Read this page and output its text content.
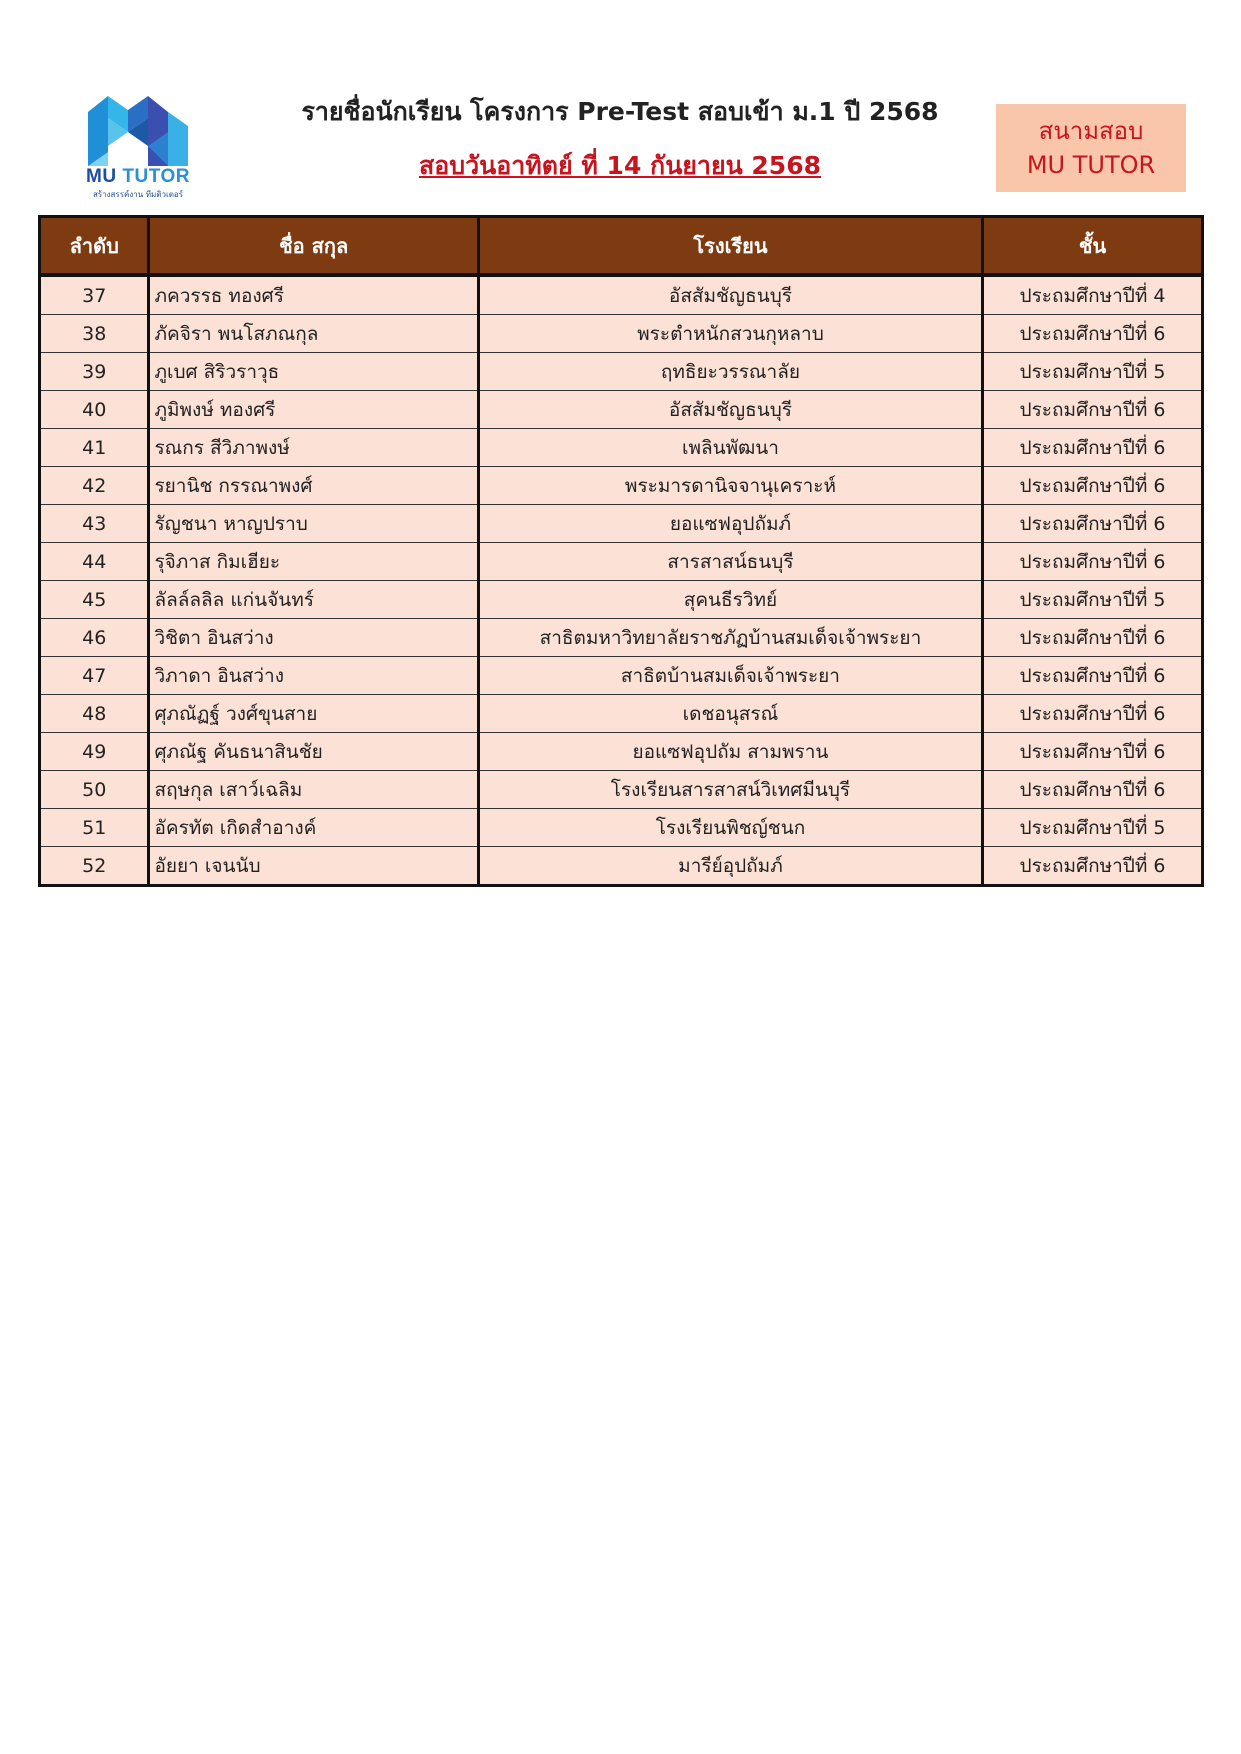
MU TUTOR
สร้างสรรค์งาน ทีมติวเตอร์
รายชื่อนักเรียน โครงการ Pre-Test สอบเข้า ม.1 ปี 2568
สอบวันอาทิตย์ ที่ 14 กันยายน 2568
สนามสอบ
MU TUTOR
ลำดับ	ชื่อ สกุล	โรงเรียน	ชั้น
37	ภควรรธ ทองศรี	อัสสัมชัญธนบุรี	ประถมศึกษาปีที่ 4
38	ภัคจิรา พนโสภณกุล	พระตำหนักสวนกุหลาบ	ประถมศึกษาปีที่ 6
39	ภูเบศ สิริวราวุธ	ฤทธิยะวรรณาลัย	ประถมศึกษาปีที่ 5
40	ภูมิพงษ์ ทองศรี	อัสสัมชัญธนบุรี	ประถมศึกษาปีที่ 6
41	รณกร สีวิภาพงษ์	เพลินพัฒนา	ประถมศึกษาปีที่ 6
42	รยานิช กรรณาพงศ์	พระมารดานิจจานุเคราะห์	ประถมศึกษาปีที่ 6
43	รัญชนา หาญปราบ	ยอแซฟอุปถัมภ์	ประถมศึกษาปีที่ 6
44	รุจิภาส กิมเฮียะ	สารสาสน์ธนบุรี	ประถมศึกษาปีที่ 6
45	ลัลล์ลลิล แก่นจันทร์	สุคนธีรวิทย์	ประถมศึกษาปีที่ 5
46	วิชิตา อินสว่าง	สาธิตมหาวิทยาลัยราชภัฏบ้านสมเด็จเจ้าพระยา	ประถมศึกษาปีที่ 6
47	วิภาดา อินสว่าง	สาธิตบ้านสมเด็จเจ้าพระยา	ประถมศึกษาปีที่ 6
48	ศุภณัฏฐ์ วงศ์ขุนสาย	เดชอนุสรณ์	ประถมศึกษาปีที่ 6
49	ศุภณัฐ คันธนาสินชัย	ยอแซฟอุปถัม สามพราน	ประถมศึกษาปีที่ 6
50	สฤษกุล เสาว์เฉลิม	โรงเรียนสารสาสน์วิเทศมีนบุรี	ประถมศึกษาปีที่ 6
51	อัครทัต เกิดสำอางค์	โรงเรียนพิชญ์ชนก	ประถมศึกษาปีที่ 5
52	อัยยา เจนนับ	มารีย์อุปถัมภ์	ประถมศึกษาปีที่ 6
